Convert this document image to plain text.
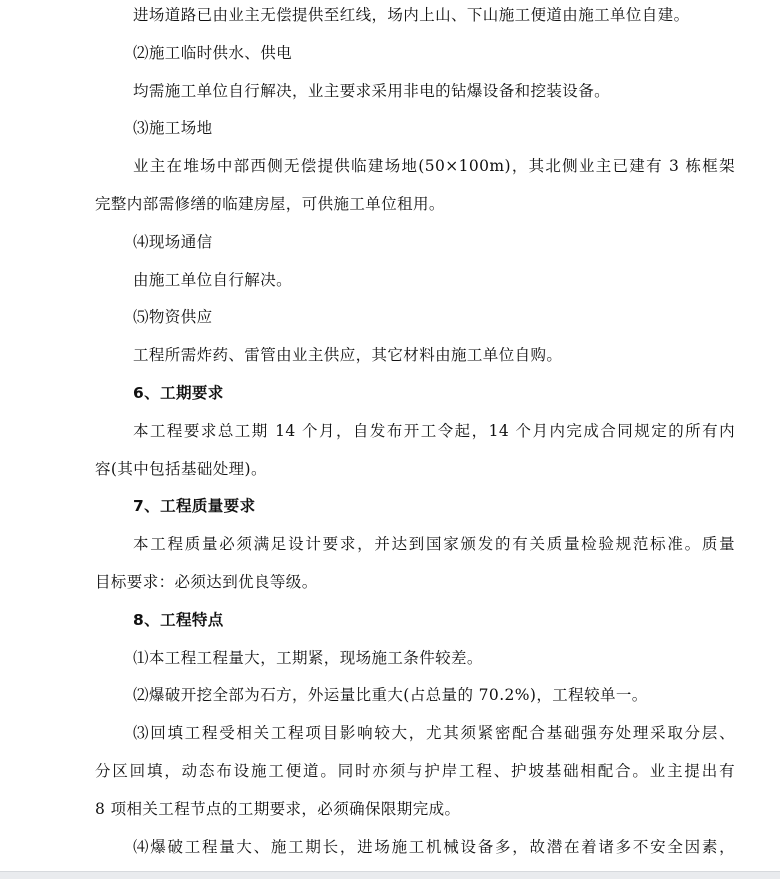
进场道路已由业主无偿提供至红线，场内上山、下山施工便道由施工单位自建。
⑵施工临时供水、供电
均需施工单位自行解决，业主要求采用非电的钻爆设备和挖装设备。
⑶施工场地
业主在堆场中部西侧无偿提供临建场地(50×100m)，其北侧业主已建有 3 栋框架
完整内部需修缮的临建房屋，可供施工单位租用。
⑷现场通信
由施工单位自行解决。
⑸物资供应
工程所需炸药、雷管由业主供应，其它材料由施工单位自购。
6、工期要求
本工程要求总工期 14 个月，自发布开工令起，14 个月内完成合同规定的所有内
容(其中包括基础处理)。
7、工程质量要求
本工程质量必须满足设计要求，并达到国家颁发的有关质量检验规范标准。质量
目标要求：必须达到优良等级。
8、工程特点
⑴本工程工程量大，工期紧，现场施工条件较差。
⑵爆破开挖全部为石方，外运量比重大(占总量的 70.2%)，工程较单一。
⑶回填工程受相关工程项目影响较大，尤其须紧密配合基础强夯处理采取分层、
分区回填，动态布设施工便道。同时亦须与护岸工程、护坡基础相配合。业主提出有
8 项相关工程节点的工期要求，必须确保限期完成。
⑷爆破工程量大、施工期长，进场施工机械设备多，故潜在着诸多不安全因素，
